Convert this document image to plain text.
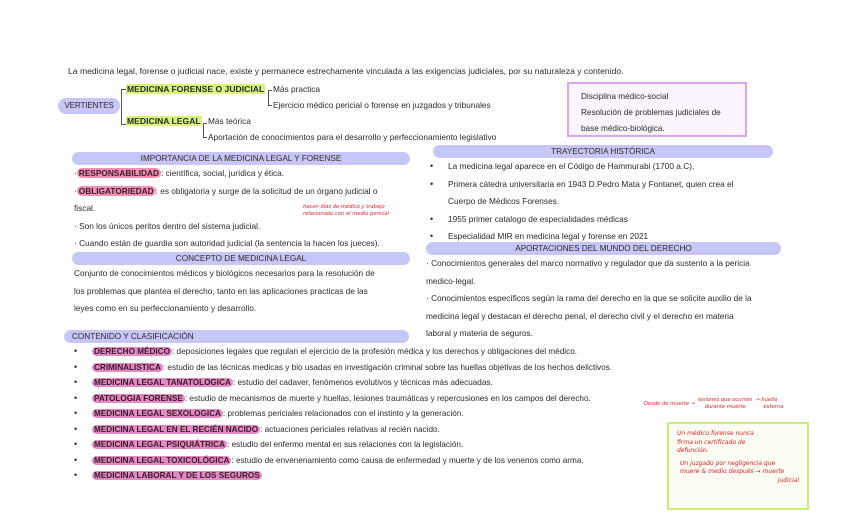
La medicina legal, forense o judicial nace, existe y permanece estrechamente vinculada a las exigencias judiciales, por su naturaleza y contenido.
VERTIENTES
MEDICINA FORENSE O JUDICIAL Más practica
Ejercicio médico pericial o forense en juzgados y tribunales
MEDICINA LEGAL Más teórica
Aportación de conocimientos para el desarrollo y perfeccionamiento legislativo
Disciplina médico-social
Resolución de problemas judiciales de
base médico-biológica.
IMPORTANCIA DE LA MEDICINA LEGAL Y FORENSE
· RESPONSABILIDAD : científica, social, jurídica y ética.
· OBLIGATORIEDAD : es obligatoria y surge de la solicitud de un órgano judicial o
fiscal.
· Son los únicos peritos dentro del sistema judicial.
· Cuando están de guardia son autoridad judicial (la sentencia la hacen los jueces).
hacen días de médico y trabajo
relacionado con el medio pericial
CONCEPTO DE MEDICINA LEGAL
Conjunto de conocimientos médicos y biológicos necesarios para la resolución de
los problemas que plantea el derecho, tanto en las aplicaciones practicas de las
leyes como en su perfeccionamiento y desarrollo.
TRAYECTORIA HISTÓRICA
• La medicina legal aparece en el Código de Hammurabi (1700 a.C).
• Primera cátedra universitaria en 1943 D.Pedro Mata y Fontanet, quien crea el
Cuerpo de Médicos Forenses.
• 1955 primer catalogo de especialidades médicas
• Especialidad MIR en medicina legal y forense en 2021
APORTACIONES DEL MUNDO DEL DERECHO
· Conocimientos generales del marco normativo y regulador que da sustento a la pericia
medico-legal.
· Conocimientos específicos según la rama del derecho en la que se solicite auxilio de la
medicina legal y destacan el derecho penal, el derecho civil y el derecho en materia
laboral y materia de seguros.
CONTENIDO Y CLASIFICACIÓN
• DERECHO MÉDICO : deposiciones legales que regulan el ejercicio de la profesión médica y los derechos y obligaciones del médico.
• CRIMINALISTICA : estudio de las técnicas medicas y bio usadas en investigación criminal sobre las huellas objetivas de los hechos delictivos.
• MEDICINA LEGAL TANATOLOGICA : estudio del cadaver, fenómenos evolutivos y técnicas más adecuadas.
• PATOLOGIA FORENSE : estudio de mecanismos de muerte y huellas, lesiones traumáticas y repercusiones en los campos del derecho.
• MEDICINA LEGAL SEXOLOGICA : problemas periciales relacionados con el instinto y la generación.
• MEDICINA LEGAL EN EL RECIÉN NACIDO : actuaciones periciales relativas al recién nacido.
• MEDICINA LEGAL PSIQUIÁTRICA : estudio del enfermo mental en sus relaciones con la legislación.
• MEDICINA LEGAL TOXICOLÓGICA : estudio de envenenamiento como causa de enfermedad y muerte y de los venenos como arma.
• MEDICINA LABORAL Y DE LOS SEGUROS
Desde de muerte →
lesiones que ocurren
durante muerte
→ huella
externa
Un médico forense nunca
firma un certificado de
defunción.
Un juzgado por negligencia que
muere & medio después → muerte
judicial
